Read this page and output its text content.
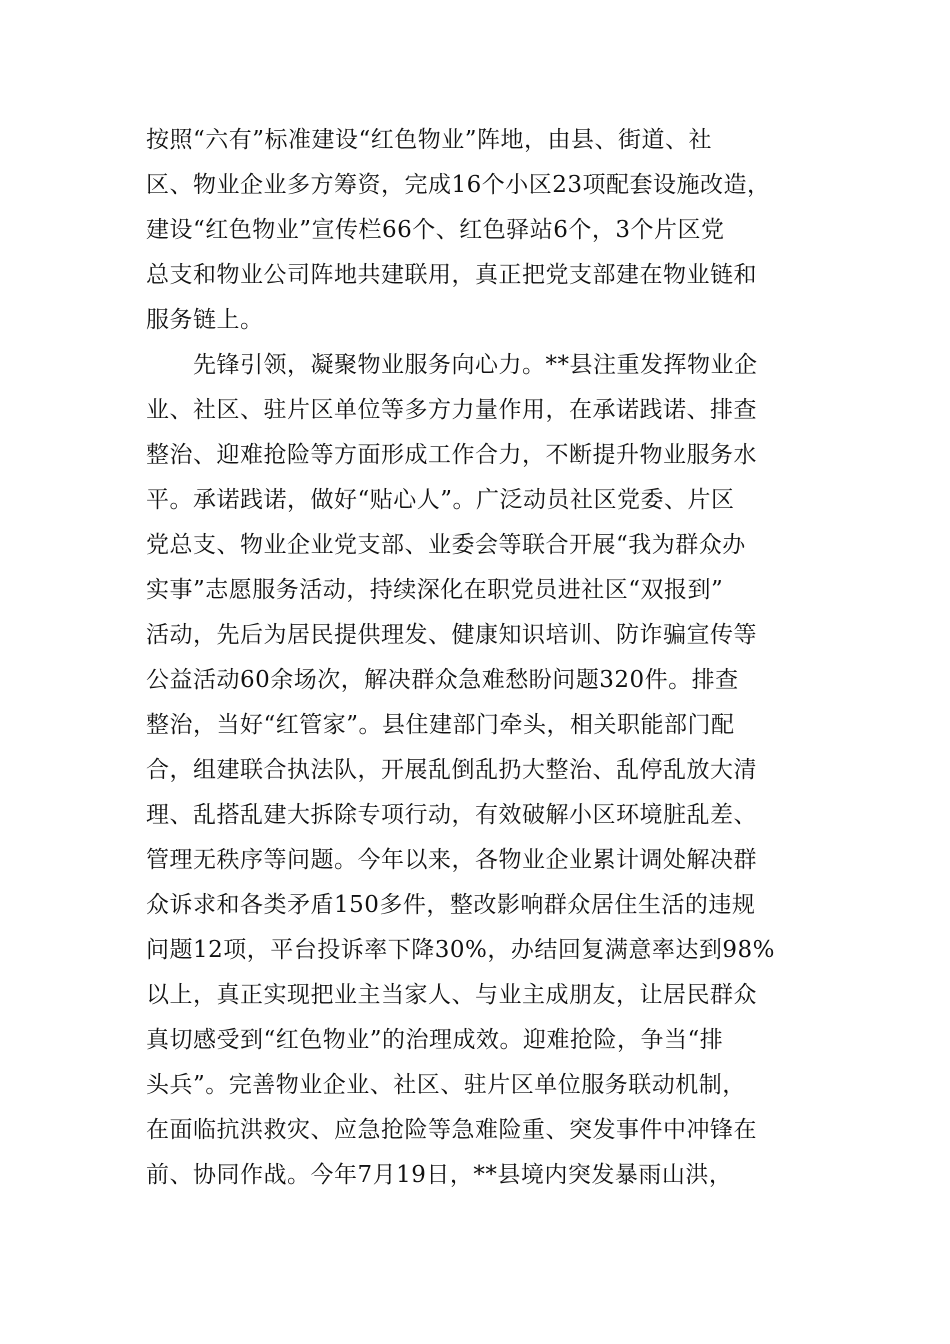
按照“六有”标准建设“红色物业”阵地，由县、街道、社
区、物业企业多方筹资，完成16个小区23项配套设施改造，
建设“红色物业”宣传栏66个、红色驿站6个，3个片区党
总支和物业公司阵地共建联用，真正把党支部建在物业链和
服务链上。
　　先锋引领，凝聚物业服务向心力。**县注重发挥物业企
业、社区、驻片区单位等多方力量作用，在承诺践诺、排查
整治、迎难抢险等方面形成工作合力，不断提升物业服务水
平。承诺践诺，做好“贴心人”。广泛动员社区党委、片区
党总支、物业企业党支部、业委会等联合开展“我为群众办
实事”志愿服务活动，持续深化在职党员进社区“双报到”
活动，先后为居民提供理发、健康知识培训、防诈骗宣传等
公益活动60余场次，解决群众急难愁盼问题320件。排查
整治，当好“红管家”。县住建部门牵头，相关职能部门配
合，组建联合执法队，开展乱倒乱扔大整治、乱停乱放大清
理、乱搭乱建大拆除专项行动，有效破解小区环境脏乱差、
管理无秩序等问题。今年以来，各物业企业累计调处解决群
众诉求和各类矛盾150多件，整改影响群众居住生活的违规
问题12项，平台投诉率下降30%，办结回复满意率达到98%
以上，真正实现把业主当家人、与业主成朋友，让居民群众
真切感受到“红色物业”的治理成效。迎难抢险，争当“排
头兵”。完善物业企业、社区、驻片区单位服务联动机制，
在面临抗洪救灾、应急抢险等急难险重、突发事件中冲锋在
前、协同作战。今年7月19日，**县境内突发暴雨山洪，
